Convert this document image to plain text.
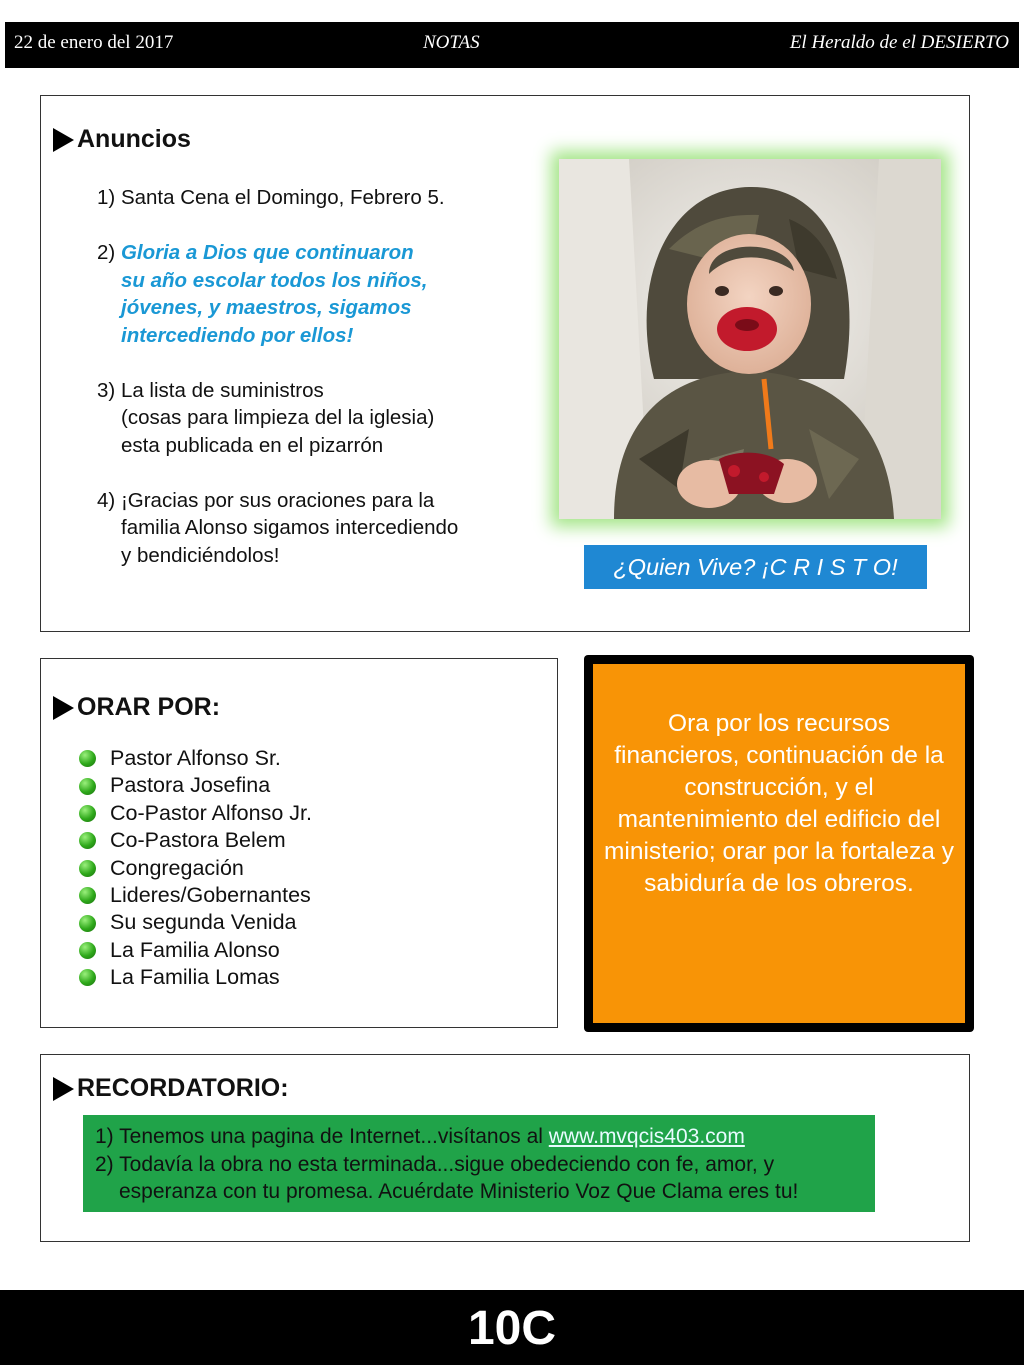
22 de enero del 2017	NOTAS	El Heraldo de el DESIERTO
Anuncios
1) Santa Cena el Domingo, Febrero 5.
2) Gloria a Dios que continuaron
su año escolar todos los niños,
jóvenes, y maestros, sigamos
intercediendo por ellos!
3) La lista de suministros
(cosas para limpieza del la iglesia)
esta publicada en el pizarrón
4) ¡Gracias por sus oraciones para la
familia Alonso sigamos intercediendo
y bendiciéndolos!	¿Quien Vive? ¡C R I S T O!
ORAR POR:
Pastor Alfonso Sr.
Pastora Josefina
Co-Pastor Alfonso Jr.
Co-Pastora Belem
Congregación
Lideres/Gobernantes
Su segunda Venida
La Familia Alonso
La Familia Lomas
Ora por los recursos financieros, continuación de la construcción, y el mantenimiento del edificio del ministerio; orar por la fortaleza y sabiduría de los obreros.
RECORDATORIO:

1) Tenemos una pagina de Internet...visítanos al www.mvqcis403.com

2) Todavía la obra no esta terminada...sigue obedeciendo con fe, amor, y esperanza con tu promesa. Acuérdate Ministerio Voz Que Clama eres tu!

10C
